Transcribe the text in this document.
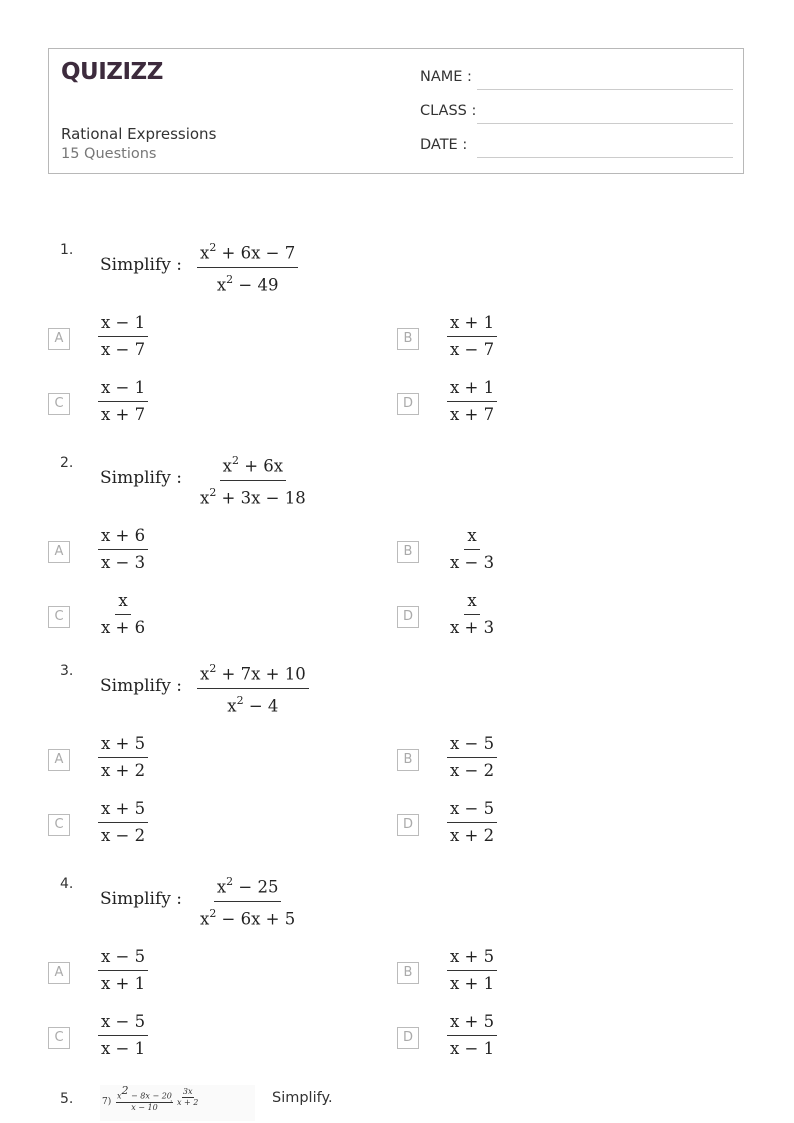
QUIZIZZ
Rational Expressions
15 Questions
NAME :
CLASS :
DATE :
1.
Simplify : $\frac{x^2 + 6x - 7}{x^2 - 49}$
A	$\frac{x - 1}{x - 7}$	B	$\frac{x + 1}{x - 7}$
C	$\frac{x - 1}{x + 7}$	D	$\frac{x + 1}{x + 7}$
2.
Simplify : $\frac{x^2 + 6x}{x^2 + 3x - 18}$
A	$\frac{x + 6}{x - 3}$	B	$\frac{x}{x - 3}$
C	$\frac{x}{x + 6}$	D	$\frac{x}{x + 3}$
3.
Simplify : $\frac{x^2 + 7x + 10}{x^2 - 4}$
A	$\frac{x + 5}{x + 2}$	B	$\frac{x - 5}{x - 2}$
C	$\frac{x + 5}{x - 2}$	D	$\frac{x - 5}{x + 2}$
4.
Simplify : $\frac{x^2 - 25}{x^2 - 6x + 5}$
A	$\frac{x - 5}{x + 1}$	B	$\frac{x + 5}{x + 1}$
C	$\frac{x - 5}{x - 1}$	D	$\frac{x + 5}{x - 1}$
5.	$7) \frac{x^2 - 8x - 20}{x - 10}$
· $\frac{3x}{x + 2}$	Simplify.
